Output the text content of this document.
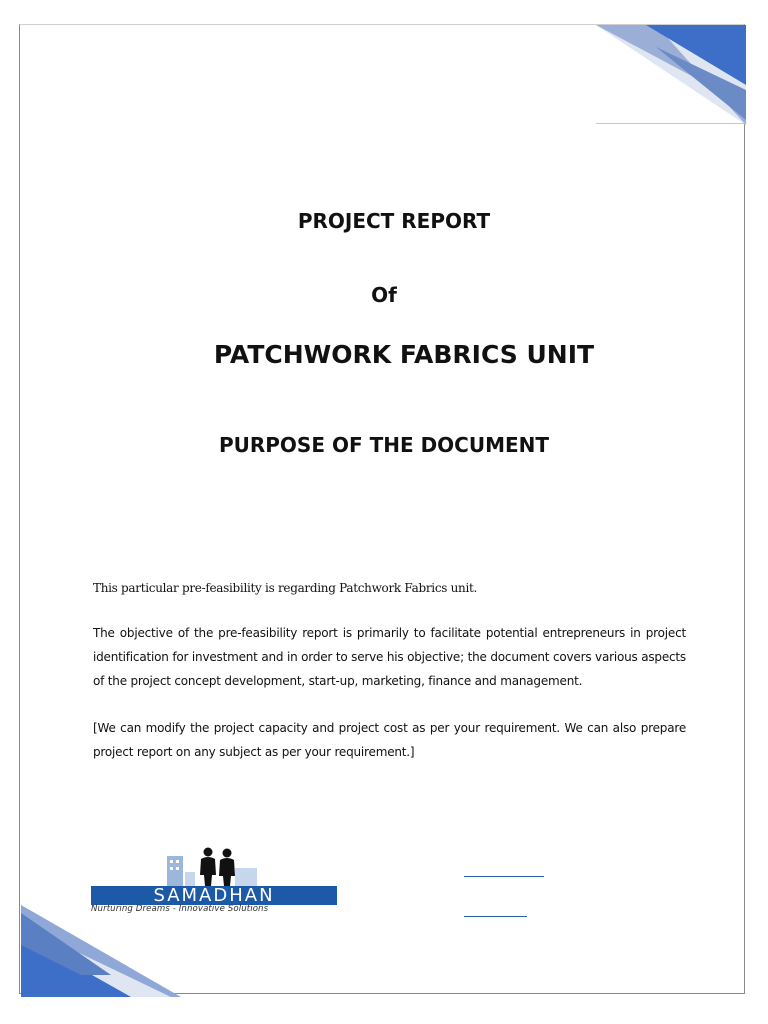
PROJECT REPORT
Of
PATCHWORK FABRICS UNIT
PURPOSE OF THE DOCUMENT
This particular pre-feasibility is regarding Patchwork Fabrics unit.
The objective of the pre-feasibility report is primarily to facilitate potential entrepreneurs in project identification for investment and in order to serve his objective; the document covers various aspects of the project concept development, start-up, marketing, finance and management.
[We can modify the project capacity and project cost as per your requirement. We can also prepare project report on any subject as per your requirement.]
SAMADHAN
Nurturing Dreams - Innovative Solutions
